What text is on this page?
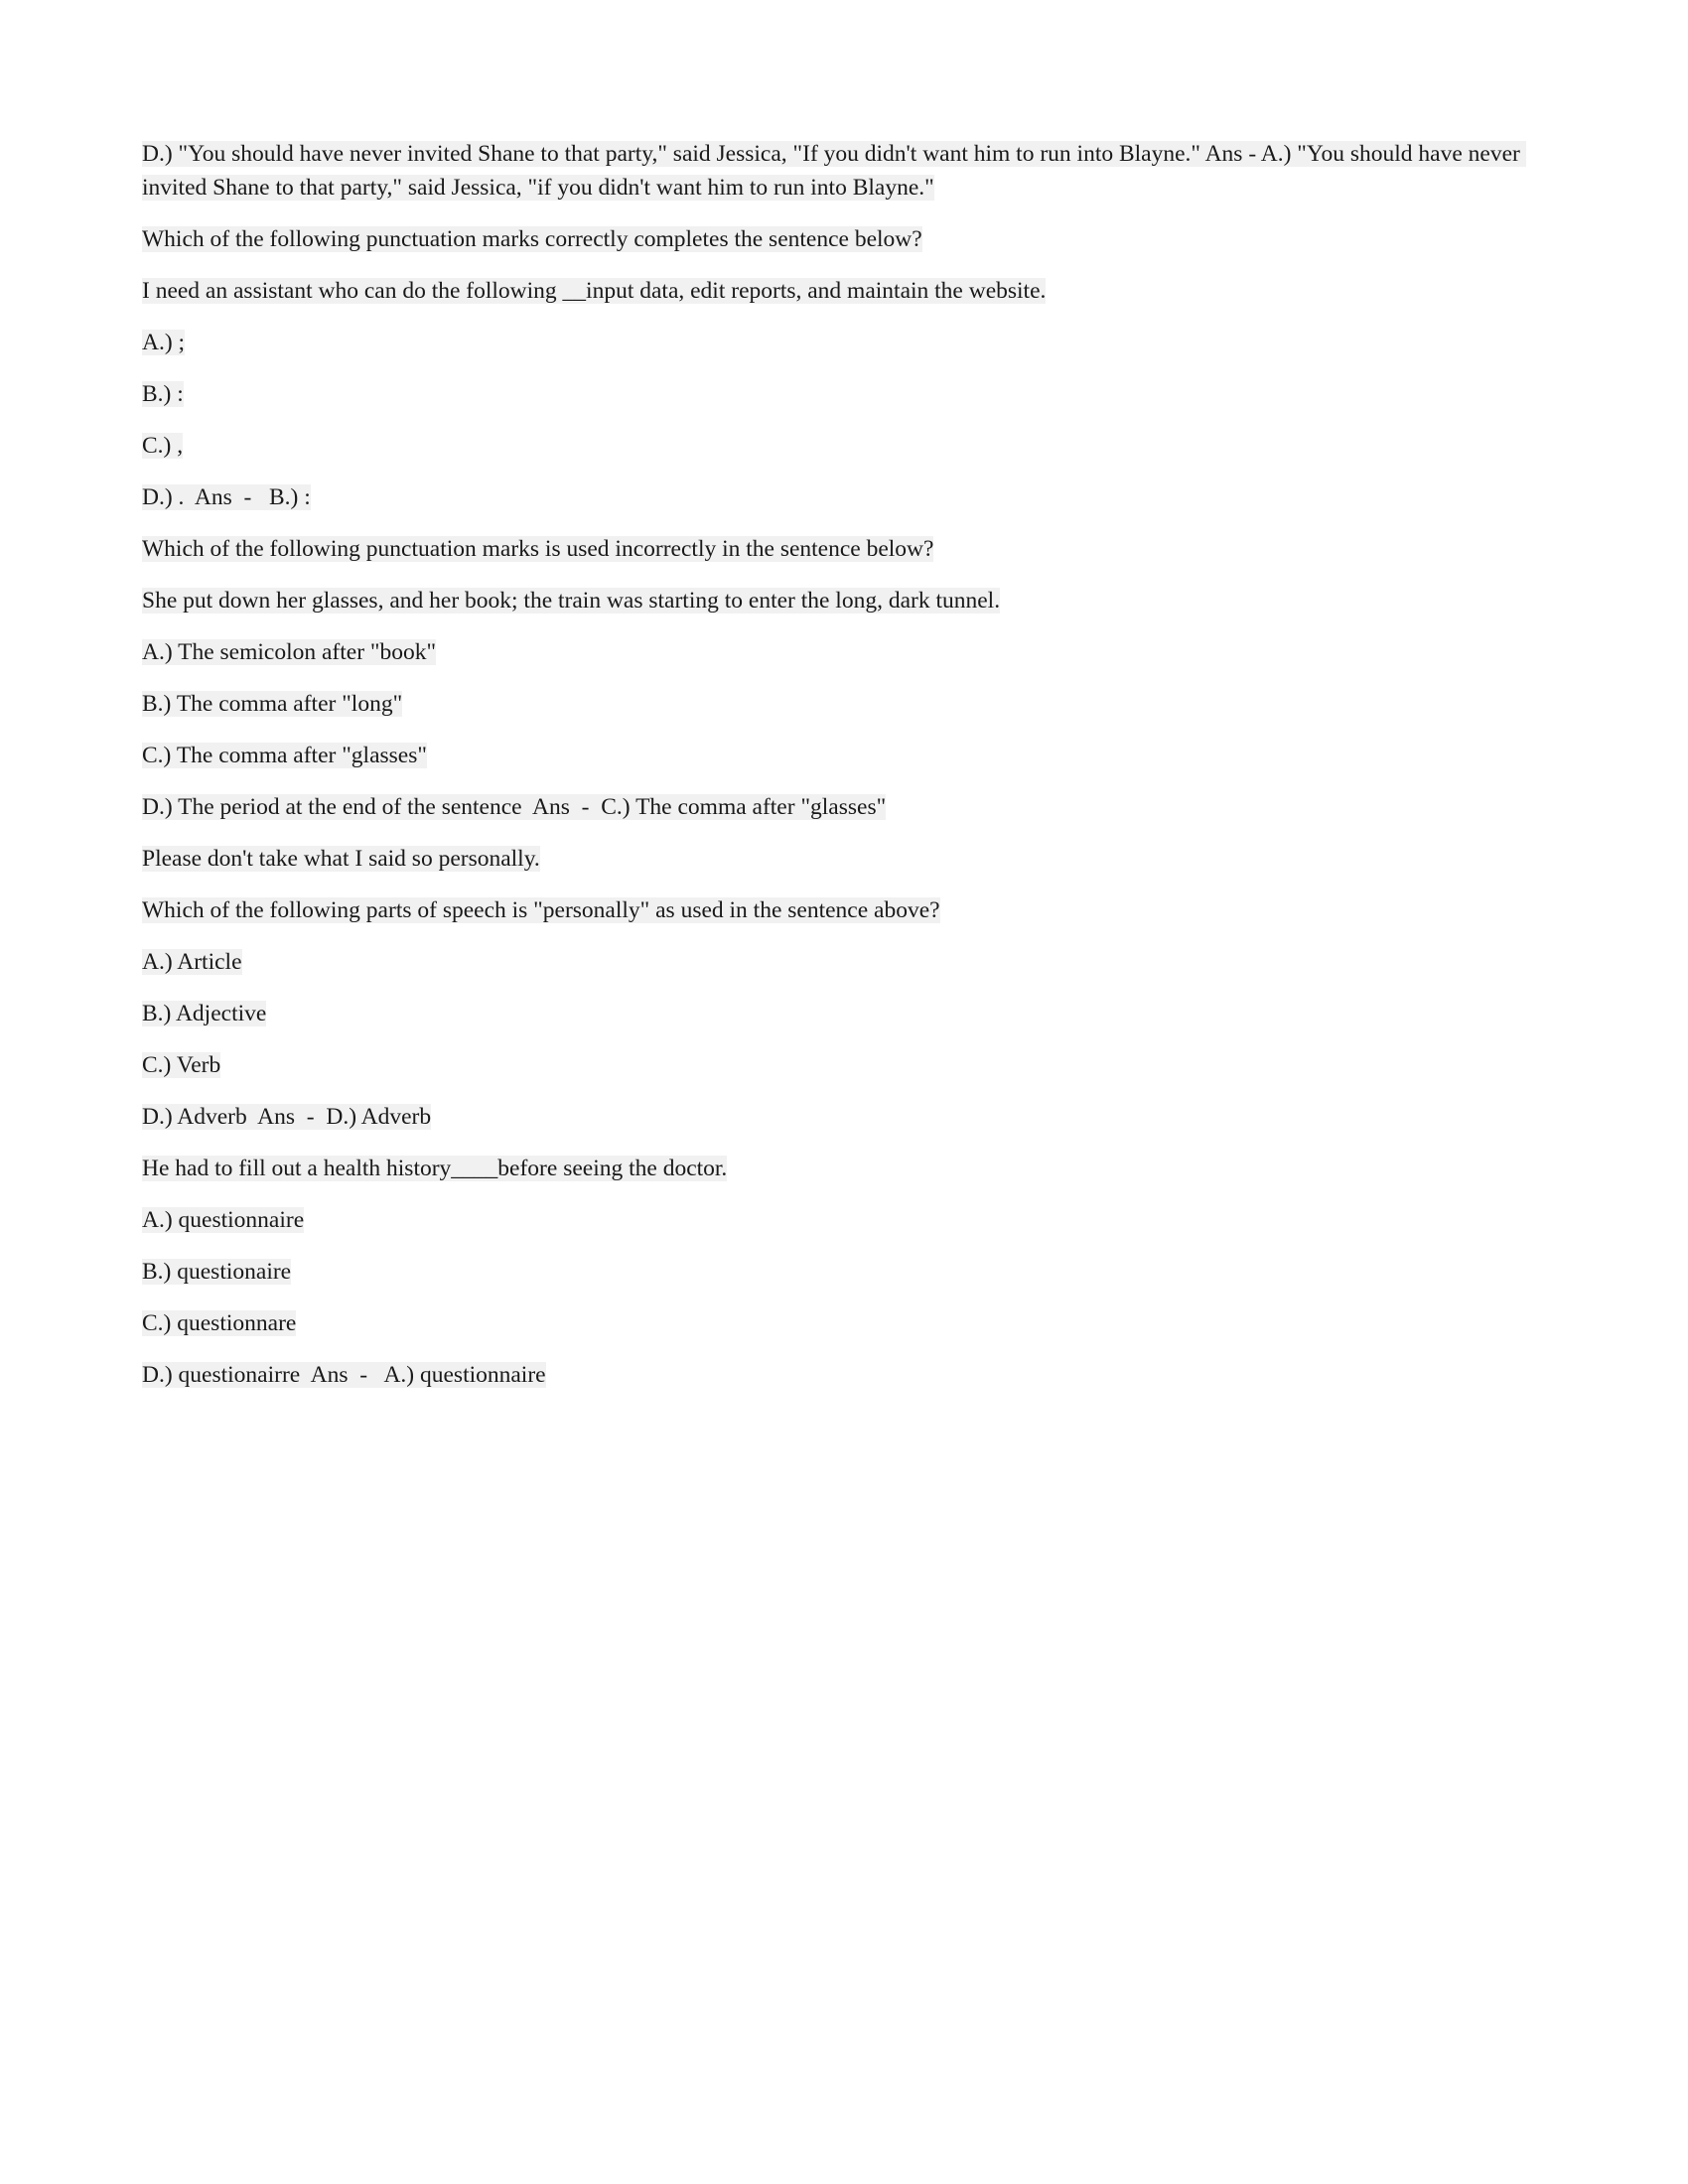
D.) "You should have never invited Shane to that party," said Jessica, "If you didn't want him to run into Blayne." Ans - A.) "You should have never invited Shane to that party," said Jessica, "if you didn't want him to run into Blayne."

Which of the following punctuation marks correctly completes the sentence below?

I need an assistant who can do the following __input data, edit reports, and maintain the website.

A.) ;

B.) :

C.) ,

D.) .  Ans  -   B.) :

Which of the following punctuation marks is used incorrectly in the sentence below?

She put down her glasses, and her book; the train was starting to enter the long, dark tunnel.

A.) The semicolon after "book"

B.) The comma after "long"

C.) The comma after "glasses"

D.) The period at the end of the sentence  Ans  -  C.) The comma after "glasses"

Please don't take what I said so personally.

Which of the following parts of speech is "personally" as used in the sentence above?

A.) Article

B.) Adjective

C.) Verb

D.) Adverb  Ans  -  D.) Adverb

He had to fill out a health history____before seeing the doctor.

A.) questionnaire

B.) questionaire

C.) questionnare

D.) questionairre  Ans  -   A.) questionnaire
